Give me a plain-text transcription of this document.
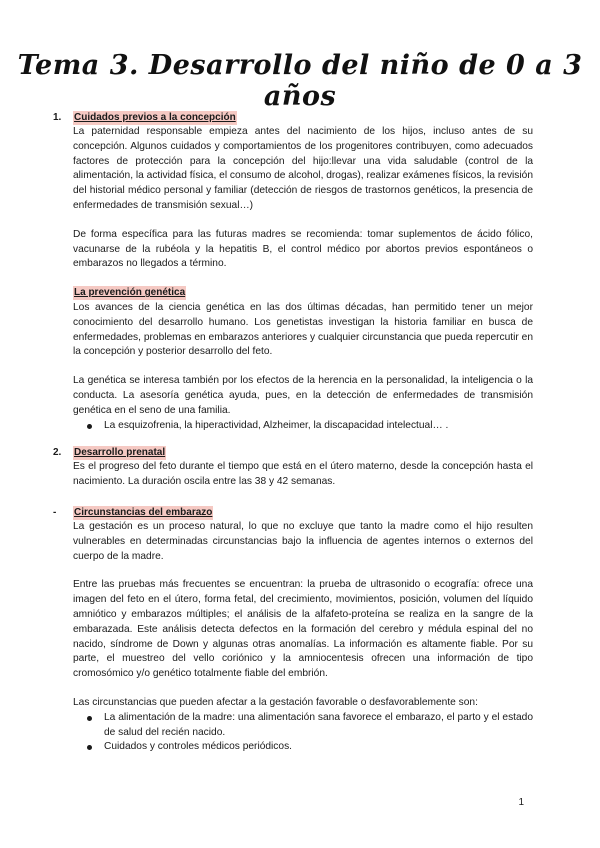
Tema 3. Desarrollo del niño de 0 a 3 años
1.	Cuidados previos a la concepción

La paternidad responsable empieza antes del nacimiento de los hijos, incluso antes de su concepción. Algunos cuidados y comportamientos de los progenitores contribuyen, como adecuados factores de protección para la concepción del hijo:llevar una vida saludable (control de la alimentación, la actividad física, el consumo de alcohol, drogas), realizar exámenes físicos, la revisión del historial médico personal y familiar (detección de riesgos de trastornos genéticos, la presencia de enfermedades de transmisión sexual…)

De forma específica para las futuras madres se recomienda: tomar suplementos de ácido fólico, vacunarse de la rubéola y la hepatitis B, el control médico por abortos previos espontáneos o embarazos no llegados a término.

La prevención genética

Los avances de la ciencia genética en las dos últimas décadas, han permitido tener un mejor conocimiento del desarrollo humano. Los genetistas investigan la historia familiar en busca de enfermedades, problemas en embarazos anteriores y cualquier circunstancia que pueda repercutir en la concepción y posterior desarrollo del feto.

La genética se interesa también por los efectos de la herencia en la personalidad, la inteligencia o la conducta. La asesoría genética ayuda, pues, en la detección de enfermedades de transmisión genética en el seno de una familia.

La esquizofrenia, la hiperactividad, Alzheimer, la discapacidad intelectual… .
2.	Desarrollo prenatal

Es el progreso del feto durante el tiempo que está en el útero materno, desde la concepción hasta el nacimiento. La duración oscila entre las 38 y 42 semanas.

-	Circunstancias del embarazo

La gestación es un proceso natural, lo que no excluye que tanto la madre como el hijo resulten vulnerables en determinadas circunstancias bajo la influencia de agentes internos o externos del cuerpo de la madre.

Entre las pruebas más frecuentes se encuentran: la prueba de ultrasonido o ecografía: ofrece una imagen del feto en el útero, forma fetal, del crecimiento, movimientos, posición, volumen del líquido amniótico y embarazos múltiples; el análisis de la alfafeto-proteína se realiza en la sangre de la embarazada. Este análisis detecta defectos en la formación del cerebro y médula espinal del no nacido, síndrome de Down y algunas otras anomalías. La información es altamente fiable. Por su parte, el muestreo del vello coriónico y la amniocentesis ofrecen una información de tipo cromosómico y/o genético totalmente fiable del embrión.

Las circunstancias que pueden afectar a la gestación favorable o desfavorablemente son:

La alimentación de la madre: una alimentación sana favorece el embarazo, el parto y el estado de salud del recién nacido.
Cuidados y controles médicos periódicos.
1
